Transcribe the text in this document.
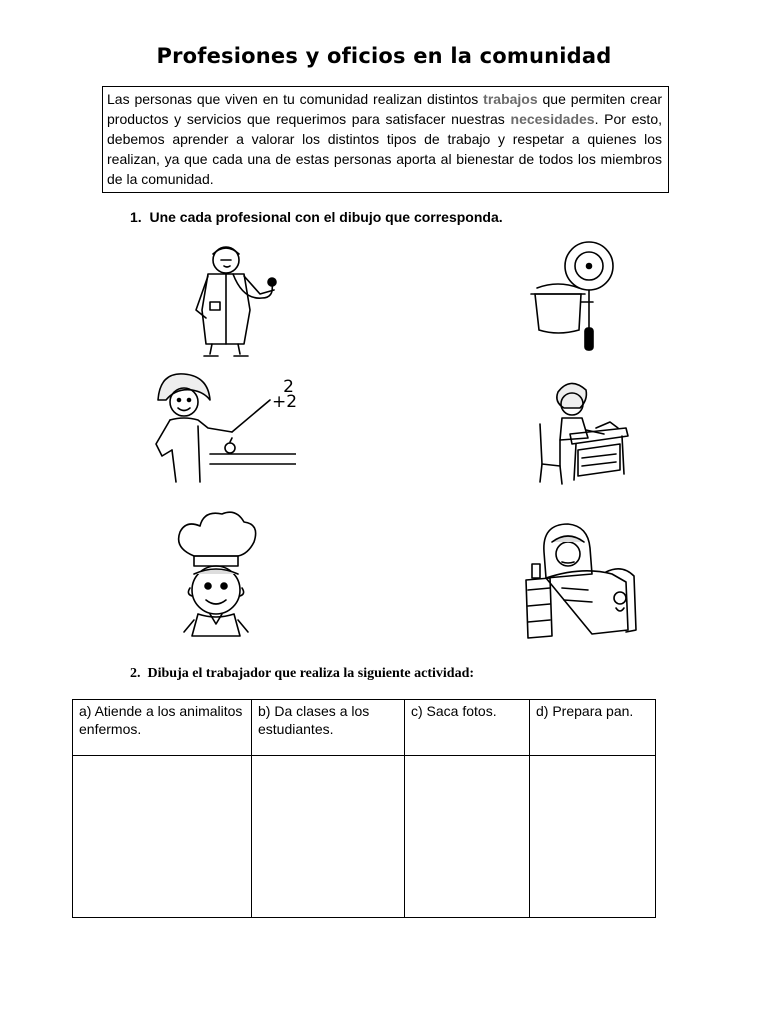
Profesiones y oficios en la comunidad
Las personas que viven en tu comunidad realizan distintos trabajos que permiten crear productos y servicios que requerimos para satisfacer nuestras necesidades. Por esto, debemos aprender a valorar los distintos tipos de trabajo y respetar a quienes los realizan, ya que cada una de estas personas aporta al bienestar de todos los miembros de la comunidad.
1. Une cada profesional con el dibujo que corresponda.
2 +2
2. Dibuja el trabajador que realiza la siguiente actividad:
a) Atiende a los animalitos enfermos.	b) Da clases a los estudiantes.	c) Saca fotos.	d) Prepara pan.
